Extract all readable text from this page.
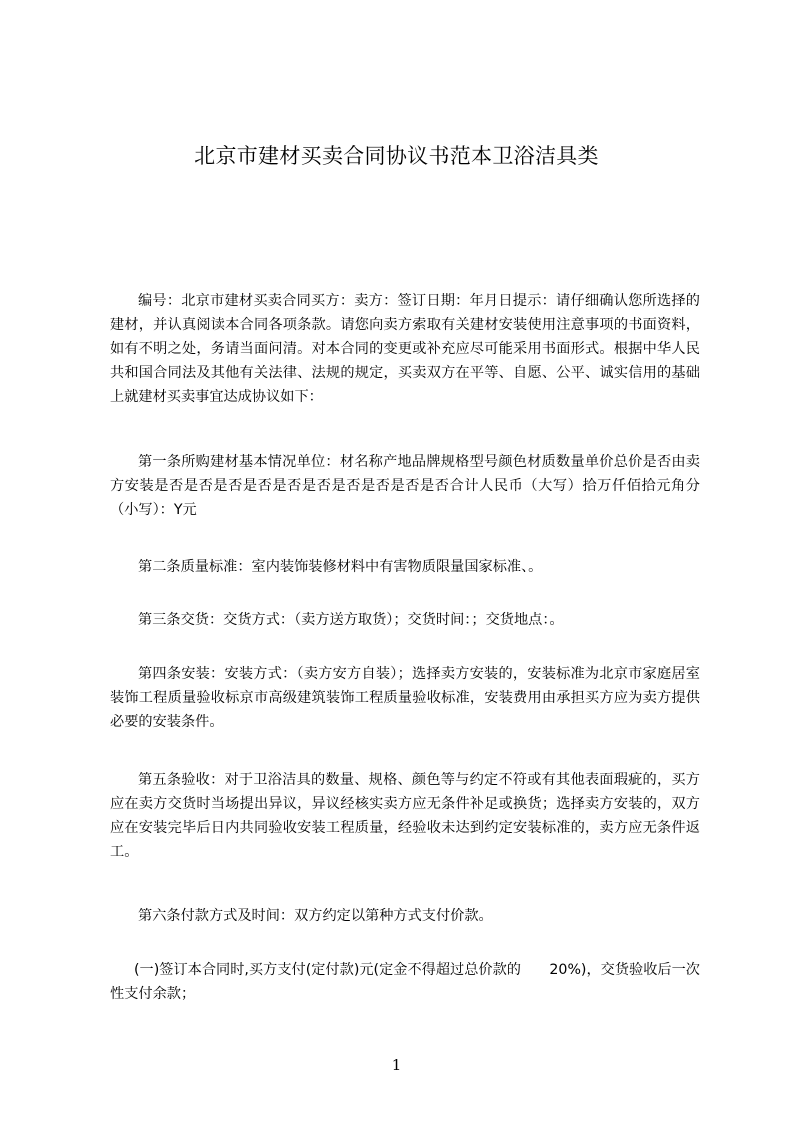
北京市建材买卖合同协议书范本卫浴洁具类

编号：北京市建材买卖合同买方：卖方：签订日期：年月日提示：请仔细确认您所选择的建材，并认真阅读本合同各项条款。请您向卖方索取有关建材安装使用注意事项的书面资料，如有不明之处，务请当面问清。对本合同的变更或补充应尽可能采用书面形式。根据中华人民共和国合同法及其他有关法律、法规的规定，买卖双方在平等、自愿、公平、诚实信用的基础上就建材买卖事宜达成协议如下：

第一条所购建材基本情况单位：材名称产地品牌规格型号颜色材质数量单价总价是否由卖方安装是否是否是否是否是否是否是否是否是否是否合计人民币（大写）拾万仟佰拾元角分（小写）：Y元

第二条质量标准：室内装饰装修材料中有害物质限量国家标准、。

第三条交货：交货方式：（卖方送方取货）；交货时间：；交货地点：。

第四条安装：安装方式：（卖方安方自装）；选择卖方安装的，安装标准为北京市家庭居室装饰工程质量验收标京市高级建筑装饰工程质量验收标准，安装费用由承担买方应为卖方提供必要的安装条件。

第五条验收：对于卫浴洁具的数量、规格、颜色等与约定不符或有其他表面瑕疵的，买方应在卖方交货时当场提出异议，异议经核实卖方应无条件补足或换货；选择卖方安装的，双方应在安装完毕后日内共同验收安装工程质量，经验收未达到约定安装标准的，卖方应无条件返工。

第六条付款方式及时间：双方约定以第种方式支付价款。

(一)签订本合同时,买方支付(定付款)元(定金不得超过总价款的　　20%)，交货验收后一次性支付余款；

1
